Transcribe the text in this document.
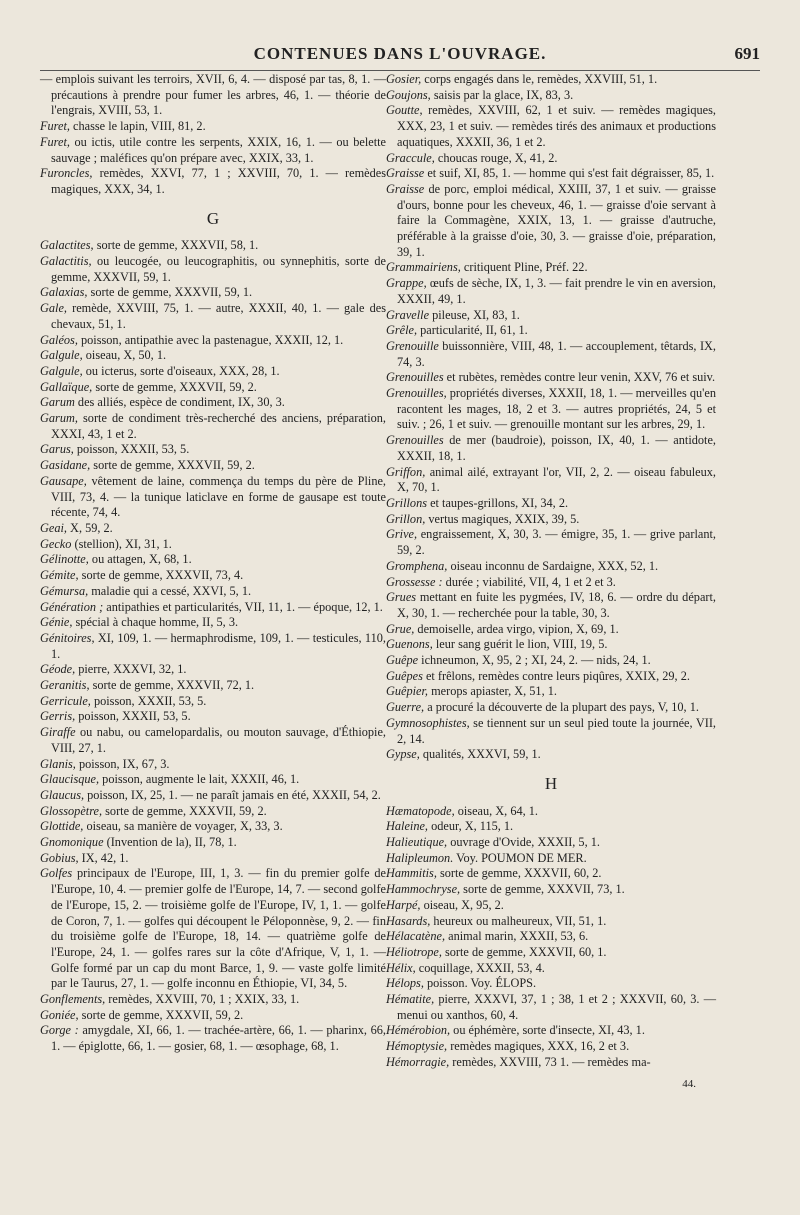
CONTENUES DANS L'OUVRAGE.	691

— emplois suivant les terroirs, XVII, 6, 4. — disposé par tas, 8, 1. — précautions à prendre pour fumer les arbres, 46, 1. — théorie de l'engrais, XVIII, 53, 1.

Furet, chasse le lapin, VIII, 81, 2.

Furet, ou ictis, utile contre les serpents, XXIX, 16, 1. — ou belette sauvage ; maléfices qu'on prépare avec, XXIX, 33, 1.

Furoncles, remèdes, XXVI, 77, 1 ; XXVIII, 70, 1. — remèdes magiques, XXX, 34, 1.

G

Galactites, sorte de gemme, XXXVII, 58, 1.

Galactitis, ou leucogée, ou leucographitis, ou synnephitis, sorte de gemme, XXXVII, 59, 1.

Galaxias, sorte de gemme, XXXVII, 59, 1.

Gale, remède, XXVIII, 75, 1. — autre, XXXII, 40, 1. — gale des chevaux, 51, 1.

Galéos, poisson, antipathie avec la pastenague, XXXII, 12, 1.

Galgule, oiseau, X, 50, 1.

Galgule, ou icterus, sorte d'oiseaux, XXX, 28, 1.

Gallaïque, sorte de gemme, XXXVII, 59, 2.

Garum des alliés, espèce de condiment, IX, 30, 3.

Garum, sorte de condiment très-recherché des anciens, préparation, XXXI, 43, 1 et 2.

Garus, poisson, XXXII, 53, 5.

Gasidane, sorte de gemme, XXXVII, 59, 2.

Gausape, vêtement de laine, commença du temps du père de Pline, VIII, 73, 4. — la tunique laticlave en forme de gausape est toute récente, 74, 4.

Geai, X, 59, 2.

Gecko (stellion), XI, 31, 1.

Gélinotte, ou attagen, X, 68, 1.

Gémite, sorte de gemme, XXXVII, 73, 4.

Gémursa, maladie qui a cessé, XXVI, 5, 1.

Génération ; antipathies et particularités, VII, 11, 1. — époque, 12, 1.

Génie, spécial à chaque homme, II, 5, 3.

Génitoires, XI, 109, 1. — hermaphrodisme, 109, 1. — testicules, 110, 1.

Géode, pierre, XXXVI, 32, 1.

Geranitis, sorte de gemme, XXXVII, 72, 1.

Gerricule, poisson, XXXII, 53, 5.

Gerris, poisson, XXXII, 53, 5.

Giraffe ou nabu, ou camelopardalis, ou mouton sauvage, d'Éthiopie, VIII, 27, 1.

Glanis, poisson, IX, 67, 3.

Glaucisque, poisson, augmente le lait, XXXII, 46, 1.

Glaucus, poisson, IX, 25, 1. — ne paraît jamais en été, XXXII, 54, 2.

Glossopètre, sorte de gemme, XXXVII, 59, 2.

Glottide, oiseau, sa manière de voyager, X, 33, 3.

Gnomonique (Invention de la), II, 78, 1.

Gobius, IX, 42, 1.

Golfes principaux de l'Europe, III, 1, 3. — fin du premier golfe de l'Europe, 10, 4. — premier golfe de l'Europe, 14, 7. — second golfe de l'Europe, 15, 2. — troisième golfe de l'Europe, IV, 1, 1. — golfe de Coron, 7, 1. — golfes qui découpent le Péloponnèse, 9, 2. — fin du troisième golfe de l'Europe, 18, 14. — quatrième golfe de l'Europe, 24, 1. — golfes rares sur la côte d'Afrique, V, 1, 1. — Golfe formé par un cap du mont Barce, 1, 9. — vaste golfe limité par le Taurus, 27, 1. — golfe inconnu en Éthiopie, VI, 34, 5.

Gonflements, remèdes, XXVIII, 70, 1 ; XXIX, 33, 1.

Goniée, sorte de gemme, XXXVII, 59, 2.

Gorge : amygdale, XI, 66, 1. — trachée-artère, 66, 1. — pharinx, 66, 1. — épiglotte, 66, 1. — gosier, 68, 1. — œsophage, 68, 1.

Gosier, corps engagés dans le, remèdes, XXVIII, 51, 1.

Goujons, saisis par la glace, IX, 83, 3.

Goutte, remèdes, XXVIII, 62, 1 et suiv. — remèdes magiques, XXX, 23, 1 et suiv. — remèdes tirés des animaux et productions aquatiques, XXXII, 36, 1 et 2.

Graccule, choucas rouge, X, 41, 2.

Graisse et suif, XI, 85, 1. — homme qui s'est fait dégraisser, 85, 1.

Graisse de porc, emploi médical, XXIII, 37, 1 et suiv. — graisse d'ours, bonne pour les cheveux, 46, 1. — graisse d'oie servant à faire la Commagène, XXIX, 13, 1. — graisse d'autruche, préférable à la graisse d'oie, 30, 3. — graisse d'oie, préparation, 39, 1.

Grammairiens, critiquent Pline, Préf. 22.

Grappe, œufs de sèche, IX, 1, 3. — fait prendre le vin en aversion, XXXII, 49, 1.

Gravelle pileuse, XI, 83, 1.

Grêle, particularité, II, 61, 1.

Grenouille buissonnière, VIII, 48, 1. — accouplement, têtards, IX, 74, 3.

Grenouilles et rubètes, remèdes contre leur venin, XXV, 76 et suiv.

Grenouilles, propriétés diverses, XXXII, 18, 1. — merveilles qu'en racontent les mages, 18, 2 et 3. — autres propriétés, 24, 5 et suiv. ; 26, 1 et suiv. — grenouille montant sur les arbres, 29, 1.

Grenouilles de mer (baudroie), poisson, IX, 40, 1. — antidote, XXXII, 18, 1.

Griffon, animal ailé, extrayant l'or, VII, 2, 2. — oiseau fabuleux, X, 70, 1.

Grillons et taupes-grillons, XI, 34, 2.

Grillon, vertus magiques, XXIX, 39, 5.

Grive, engraissement, X, 30, 3. — émigre, 35, 1. — grive parlant, 59, 2.

Gromphena, oiseau inconnu de Sardaigne, XXX, 52, 1.

Grossesse : durée ; viabilité, VII, 4, 1 et 2 et 3.

Grues mettant en fuite les pygmées, IV, 18, 6. — ordre du départ, X, 30, 1. — recherchée pour la table, 30, 3.

Grue, demoiselle, ardea virgo, vipion, X, 69, 1.

Guenons, leur sang guérit le lion, VIII, 19, 5.

Guêpe ichneumon, X, 95, 2 ; XI, 24, 2. — nids, 24, 1.

Guêpes et frêlons, remèdes contre leurs piqûres, XXIX, 29, 2.

Guêpier, merops apiaster, X, 51, 1.

Guerre, a procuré la découverte de la plupart des pays, V, 10, 1.

Gymnosophistes, se tiennent sur un seul pied toute la journée, VII, 2, 14.

Gypse, qualités, XXXVI, 59, 1.

H

Hæmatopode, oiseau, X, 64, 1.

Haleine, odeur, X, 115, 1.

Halieutique, ouvrage d'Ovide, XXXII, 5, 1.

Halipleumon. Voy. POUMON DE MER.

Hammitis, sorte de gemme, XXXVII, 60, 2.

Hammochryse, sorte de gemme, XXXVII, 73, 1.

Harpé, oiseau, X, 95, 2.

Hasards, heureux ou malheureux, VII, 51, 1.

Hélacatène, animal marin, XXXII, 53, 6.

Héliotrope, sorte de gemme, XXXVII, 60, 1.

Hélix, coquillage, XXXII, 53, 4.

Hélops, poisson. Voy. ÉLOPS.

Hématite, pierre, XXXVI, 37, 1 ; 38, 1 et 2 ; XXXVII, 60, 3. — menui ou xanthos, 60, 4.

Hémérobion, ou éphémère, sorte d'insecte, XI, 43, 1.

Hémoptysie, remèdes magiques, XXX, 16, 2 et 3.

Hémorragie, remèdes, XXVIII, 73 1. — remèdes ma-

44.
